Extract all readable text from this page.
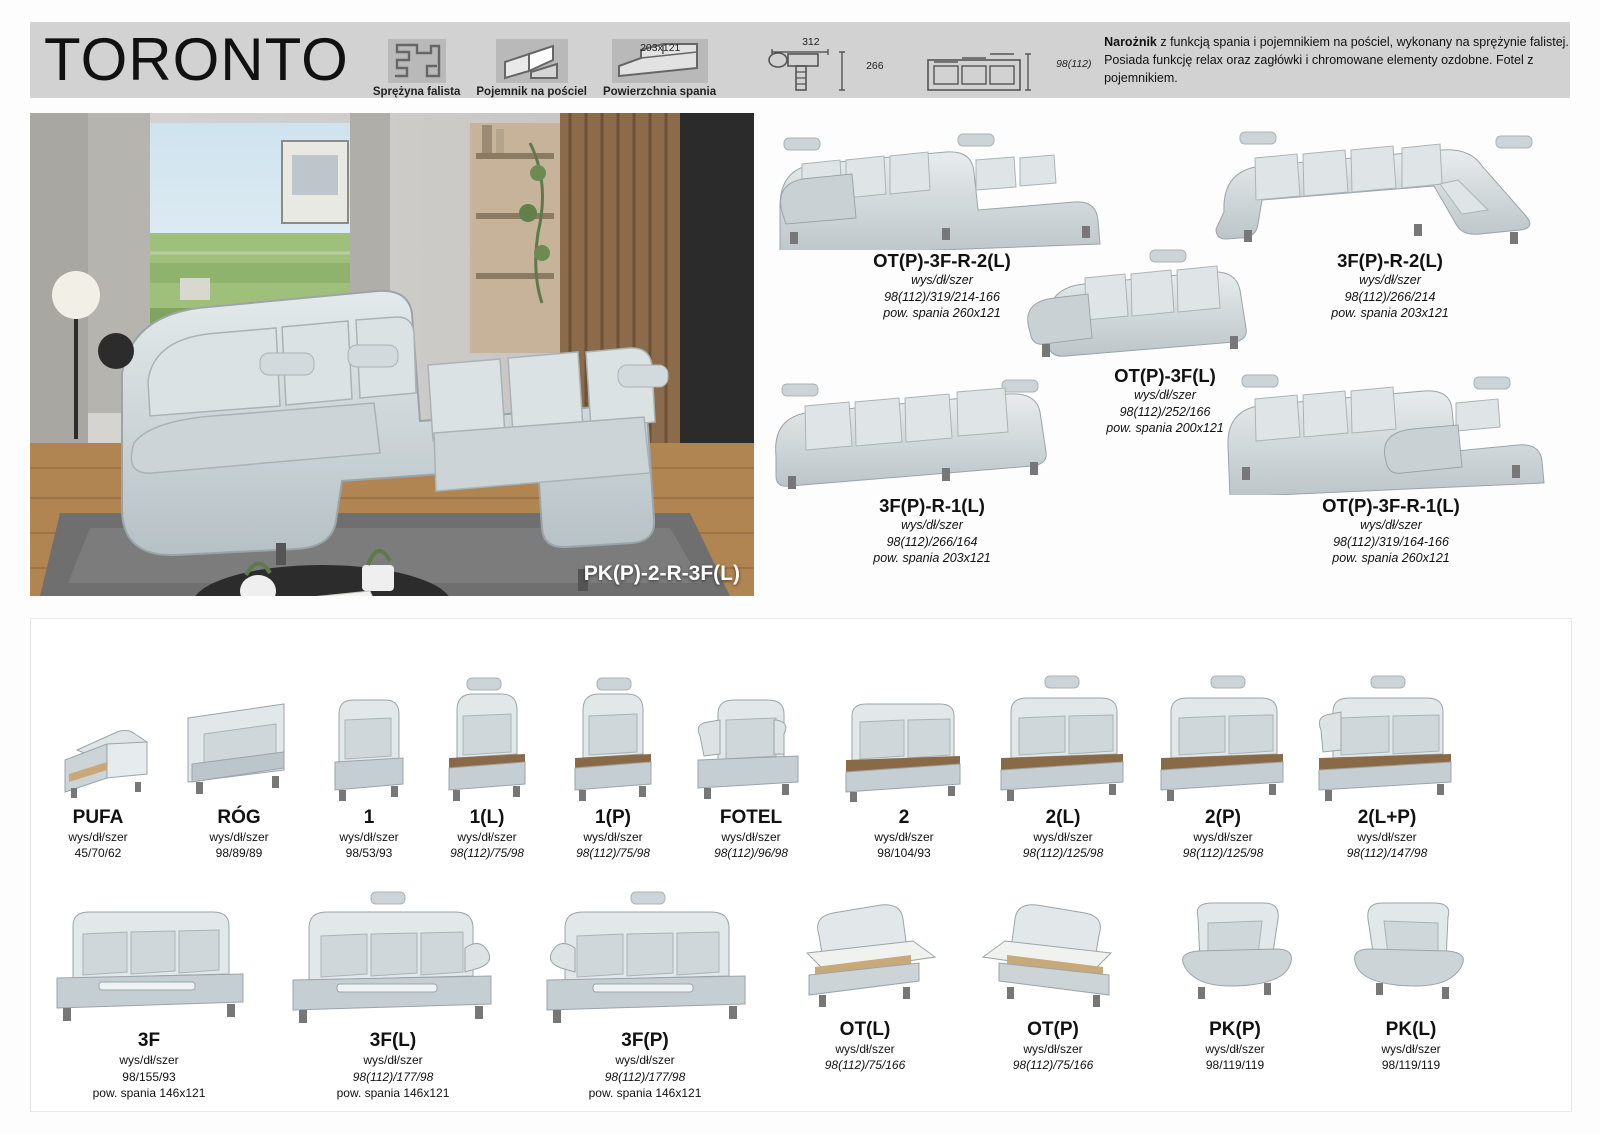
TORONTO	Sprężyna falista Pojemnik na pościel Powierzchnia spania
203x121	312
266	98(112)
Narożnik z funkcją spania i pojemnikiem na pościel, wykonany na sprężynie falistej. Posiada funkcję relax oraz zagłówki i chromowane elementy ozdobne. Fotel z pojemnikiem.
PK(P)-2-R-3F(L)
OT(P)-3F-R-2(L)
wys/dł/szer
98(112)/319/214-166
pow. spania 260x121
3F(P)-R-2(L)
wys/dł/szer
98(112)/266/214
pow. spania 203x121
OT(P)-3F(L)
wys/dł/szer
98(112)/252/166
pow. spania 200x121
3F(P)-R-1(L)
wys/dł/szer
98(112)/266/164
pow. spania 203x121
OT(P)-3F-R-1(L)
wys/dł/szer
98(112)/319/164-166
pow. spania 260x121
PUFA
wys/dł/szer
45/70/62
RÓG
wys/dł/szer
98/89/89
1
wys/dł/szer
98/53/93
1(L)
wys/dł/szer
98(112)/75/98
1(P)
wys/dł/szer
98(112)/75/98
FOTEL
wys/dł/szer
98(112)/96/98
2
wys/dł/szer
98/104/93
2(L)
wys/dł/szer
98(112)/125/98
2(P)
wys/dł/szer
98(112)/125/98
2(L+P)
wys/dł/szer
98(112)/147/98
3F
wys/dł/szer
98/155/93
pow. spania 146x121
3F(L)
wys/dł/szer
98(112)/177/98
pow. spania 146x121
3F(P)
wys/dł/szer
98(112)/177/98
pow. spania 146x121
OT(L)
wys/dł/szer
98(112)/75/166
OT(P)
wys/dł/szer
98(112)/75/166
PK(P)
wys/dł/szer
98/119/119
PK(L)
wys/dł/szer
98/119/119
